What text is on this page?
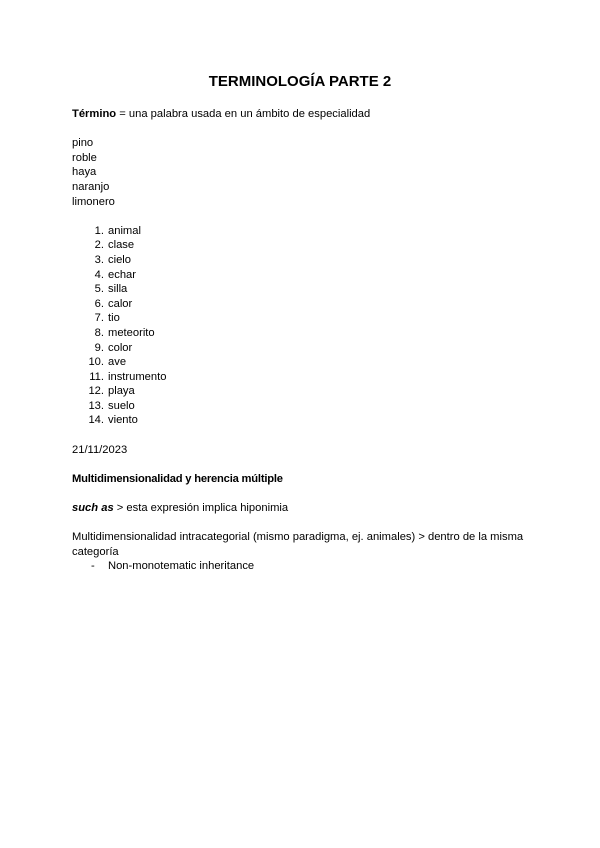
TERMINOLOGÍA PARTE 2

Término = una palabra usada en un ámbito de especialidad

pino
roble
haya
naranjo
limonero
1. animal
2. clase
3. cielo
4. echar
5. silla
6. calor
7. tio
8. meteorito
9. color
10. ave
11. instrumento
12. playa
13. suelo
14. viento

21/11/2023

Multidimensionalidad y herencia múltiple

such as > esta expresión implica hiponimia

Multidimensionalidad intracategorial (mismo paradigma, ej. animales) > dentro de la misma categoría

-	Non-monotematic inheritance
